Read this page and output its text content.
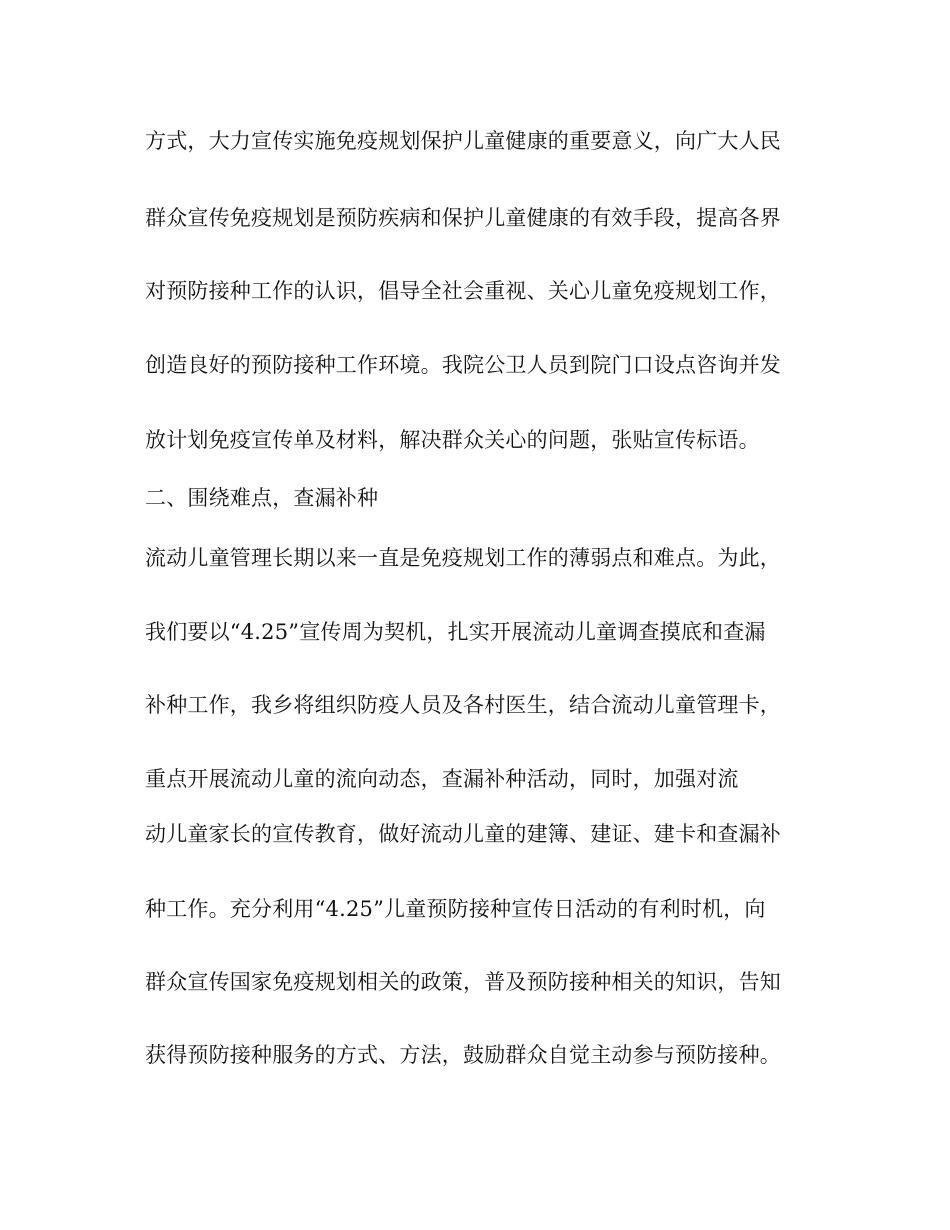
方式，大力宣传实施免疫规划保护儿童健康的重要意义，向广大人民
群众宣传免疫规划是预防疾病和保护儿童健康的有效手段，提高各界
对预防接种工作的认识，倡导全社会重视、关心儿童免疫规划工作，
创造良好的预防接种工作环境。我院公卫人员到院门口设点咨询并发
放计划免疫宣传单及材料，解决群众关心的问题，张贴宣传标语。
二、围绕难点，查漏补种
流动儿童管理长期以来一直是免疫规划工作的薄弱点和难点。为此，
我们要以“4.25”宣传周为契机，扎实开展流动儿童调查摸底和查漏
补种工作，我乡将组织防疫人员及各村医生，结合流动儿童管理卡，
重点开展流动儿童的流向动态，查漏补种活动，同时，加强对流
动儿童家长的宣传教育，做好流动儿童的建簿、建证、建卡和查漏补
种工作。充分利用“4.25”儿童预防接种宣传日活动的有利时机，向
群众宣传国家免疫规划相关的政策，普及预防接种相关的知识，告知
获得预防接种服务的方式、方法，鼓励群众自觉主动参与预防接种。
